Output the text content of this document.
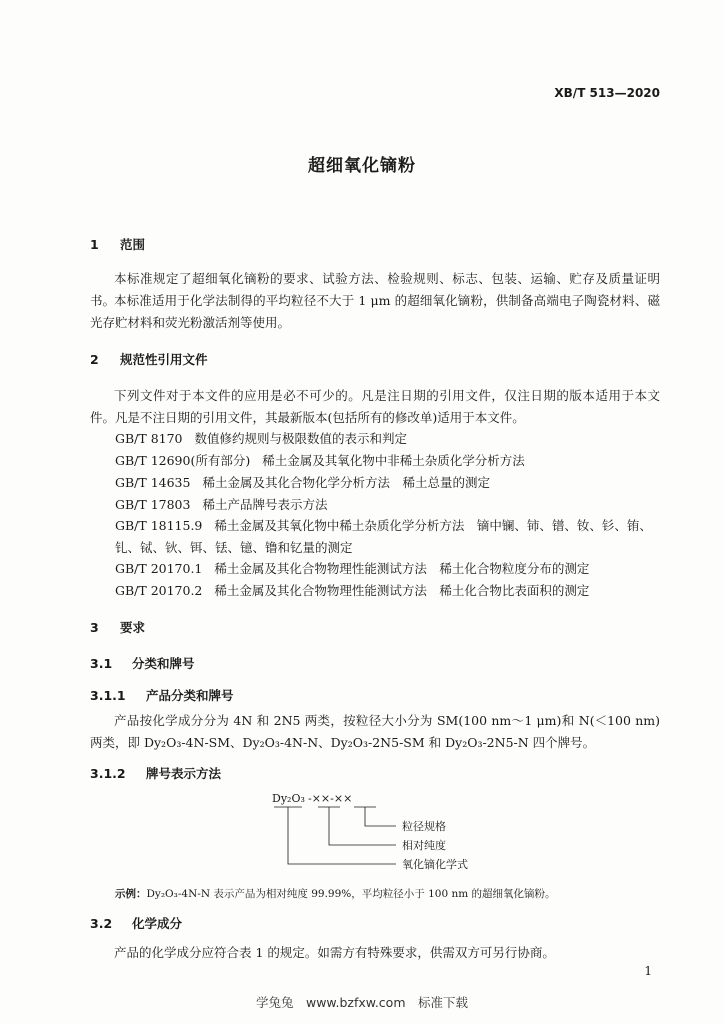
XB/T 513—2020
超细氧化镝粉
1 范围
本标准规定了超细氧化镝粉的要求、试验方法、检验规则、标志、包装、运输、贮存及质量证明书。
本标准适用于化学法制得的平均粒径不大于 1 μm 的超细氧化镝粉，供制备高端电子陶瓷材料、磁光存贮材料和荧光粉激活剂等使用。
2 规范性引用文件
下列文件对于本文件的应用是必不可少的。凡是注日期的引用文件，仅注日期的版本适用于本文件。凡是不注日期的引用文件，其最新版本(包括所有的修改单)适用于本文件。
GB/T 8170 数值修约规则与极限数值的表示和判定
GB/T 12690(所有部分) 稀土金属及其氧化物中非稀土杂质化学分析方法
GB/T 14635 稀土金属及其化合物化学分析方法　稀土总量的测定
GB/T 17803 稀土产品牌号表示方法
GB/T 18115.9 稀土金属及其氧化物中稀土杂质化学分析方法　镝中镧、铈、镨、钕、钐、铕、钆、铽、钬、铒、铥、镱、镥和钇量的测定
GB/T 20170.1 稀土金属及其化合物物理性能测试方法　稀土化合物粒度分布的测定
GB/T 20170.2 稀土金属及其化合物物理性能测试方法　稀土化合物比表面积的测定
3 要求
3.1 分类和牌号
3.1.1 产品分类和牌号
产品按化学成分分为 4N 和 2N5 两类，按粒径大小分为 SM(100 nm～1 μm)和 N(＜100 nm)两类，即 Dy₂O₃-4N-SM、Dy₂O₃-4N-N、Dy₂O₃-2N5-SM 和 Dy₂O₃-2N5-N 四个牌号。
3.1.2 牌号表示方法
Dy₂O₃ -××-××
粒径规格
相对纯度
氧化镝化学式
示例：Dy₂O₃-4N-N 表示产品为相对纯度 99.99%，平均粒径小于 100 nm 的超细氧化镝粉。
3.2 化学成分
产品的化学成分应符合表 1 的规定。如需方有特殊要求，供需双方可另行协商。
1
学兔兔　www.bzfxw.com　标准下载
